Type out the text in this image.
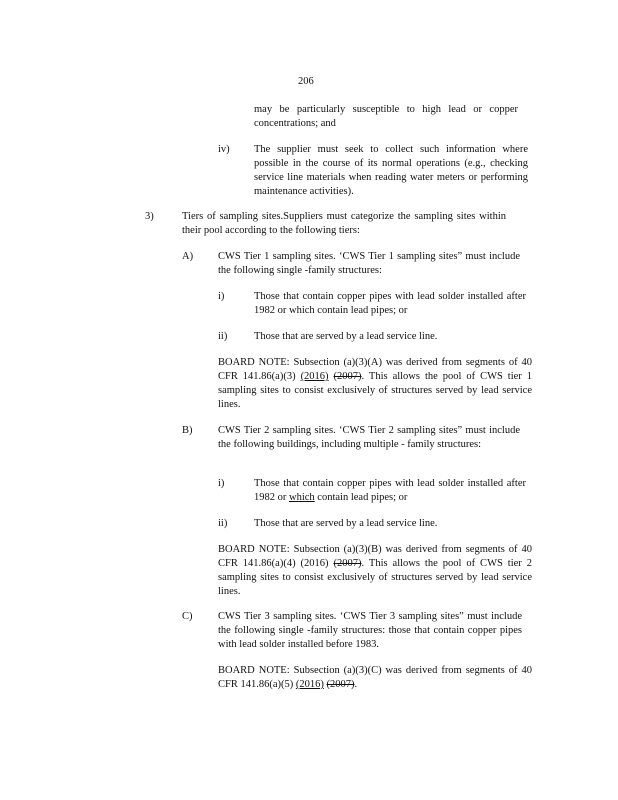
206

may be particularly susceptible to high lead or copper concentrations; and

iv) The supplier must seek to collect such information where possible in the course of its normal operations (e.g., checking service line materials when reading water meters or performing maintenance activities).

3)	Tiers of sampling sites.Suppliers must categorize the sampling sites within their pool according to the following tiers:

A) CWS Tier 1 sampling sites. ‘CWS Tier 1 sampling sites” must include the following single -family structures:

i)	Those that contain copper pipes with lead solder installed after 1982 or which contain lead pipes; or

ii)	Those that are served by a lead service line.

BOARD NOTE: Subsection (a)(3)(A) was derived from segments of 40 CFR 141.86(a)(3) (2016) (2007). This allows the pool of CWS tier 1 sampling sites to consist exclusively of structures served by lead service lines.

B) CWS Tier 2 sampling sites. ‘CWS Tier 2 sampling sites” must include the following buildings, including multiple - family structures:

i)	Those that contain copper pipes with lead solder installed after 1982 or which contain lead pipes; or

ii)	Those that are served by a lead service line.

BOARD NOTE: Subsection (a)(3)(B) was derived from segments of 40 CFR 141.86(a)(4) (2016) (2007). This allows the pool of CWS tier 2 sampling sites to consist exclusively of structures served by lead service lines.

C) CWS Tier 3 sampling sites. ‘CWS Tier 3 sampling sites” must include the following single -family structures: those that contain copper pipes with lead solder installed before 1983.

BOARD NOTE: Subsection (a)(3)(C) was derived from segments of 40 CFR 141.86(a)(5) (2016) (2007).
